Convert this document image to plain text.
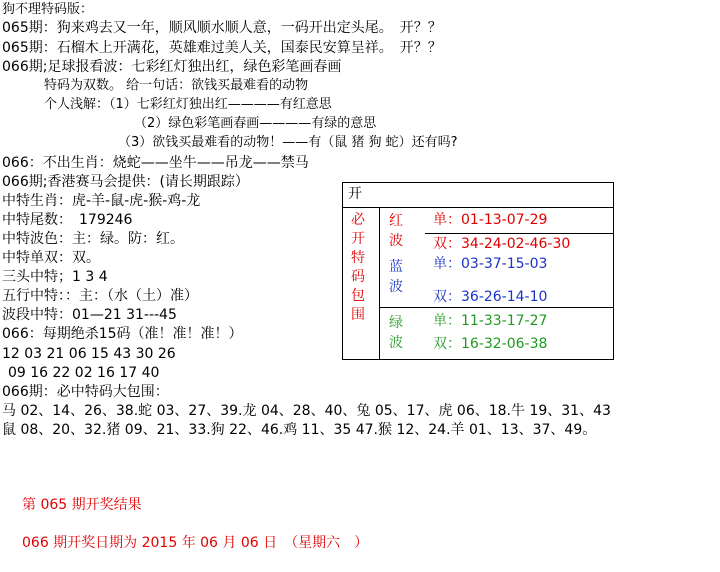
狗不理特码版：
065期：狗来鸡去又一年，顺风顺水顺人意，一码开出定头尾。　开？？
065期：石榴木上开满花，英雄难过美人关，国泰民安算呈祥。　开？？
066期;足球报看波：七彩红灯独出红，绿色彩笔画春画
特码为双数。 给一句话：欲钱买最难看的动物
个人浅解：（1）七彩红灯独出红————有红意思
（2）绿色彩笔画春画————有绿的意思
（3）欲钱买最难看的动物！——有（鼠 猪 狗 蛇）还有吗?
066：不出生肖：烧蛇——坐牛——吊龙——禁马
066期;香港赛马会提供：(请长期跟踪）
中特生肖：虎-羊-鼠-虎-猴-鸡-龙
中特尾数：　179246
中特波色：主：绿。防：红。
中特单双：双。
三头中特；1 3 4
五行中特：：主：（水（土）准）
波段中特：01—21 31---45
066：每期绝杀15码（准！准！准！）
12 03 21 06 15 43 30 26
09 16 22 02 16 17 40
066期：必中特码大包围：
马 02、14、26、38.蛇 03、27、39.龙 04、28、40、兔 05、17、虎 06、18.牛 19、31、43
鼠 08、20、32.猪 09、21、33.狗 22、46.鸡 11、35 47.猴 12、24.羊 01、13、37、49。
开
必开特码包围
红波
蓝波
绿波
单：01-13-07-29
双：34-24-02-46-30
单：03-37-15-03
双：36-26-14-10
单：11-33-17-27
双：16-32-06-38
第 065 期开奖结果
066 期开奖日期为 2015 年 06 月 06 日　（星期六　）
